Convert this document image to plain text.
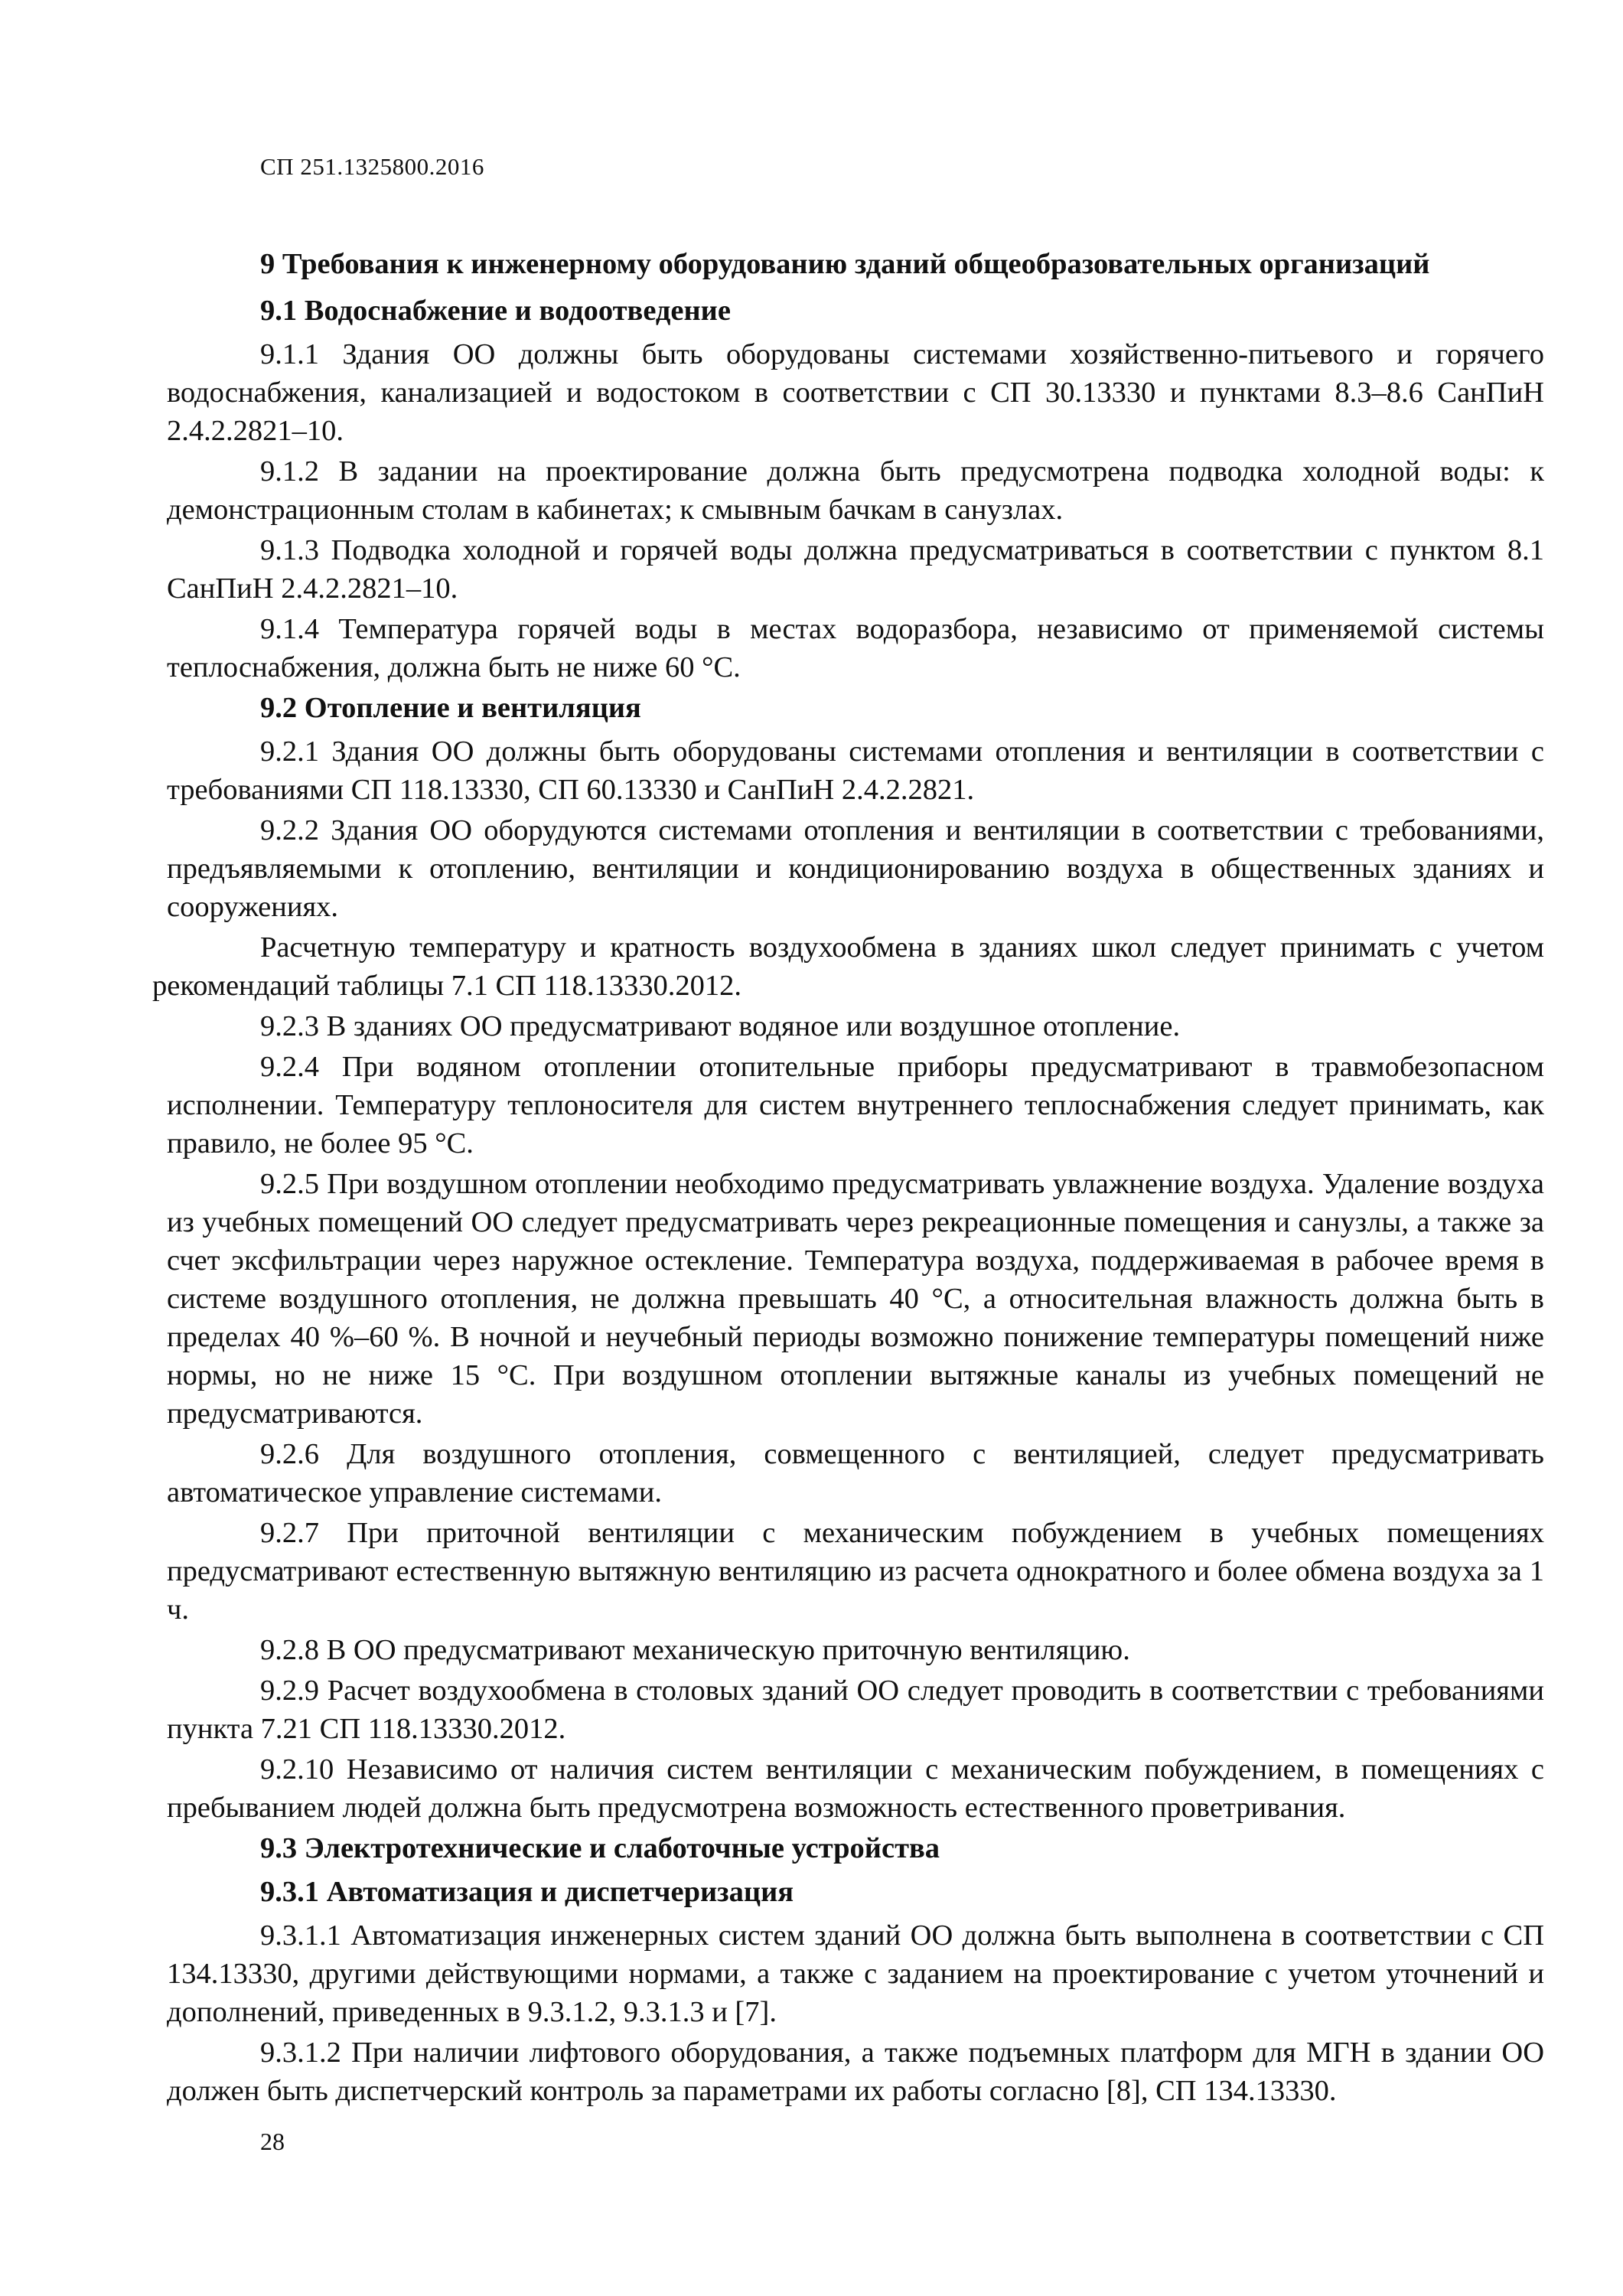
СП 251.1325800.2016
9 Требования к инженерному оборудованию зданий общеобразовательных организаций
9.1 Водоснабжение и водоотведение

9.1.1 Здания ОО должны быть оборудованы системами хозяйственно-питьевого и горячего водоснабжения, канализацией и водостоком в соответствии с СП 30.13330 и пунктами 8.3–8.6 СанПиН 2.4.2.2821–10.

9.1.2 В задании на проектирование должна быть предусмотрена подводка холодной воды: к демонстрационным столам в кабинетах; к смывным бачкам в санузлах.

9.1.3 Подводка холодной и горячей воды должна предусматриваться в соответствии с пунктом 8.1 СанПиН 2.4.2.2821–10.

9.1.4 Температура горячей воды в местах водоразбора, независимо от применяемой системы теплоснабжения, должна быть не ниже 60 °С.

9.2 Отопление и вентиляция

9.2.1 Здания ОО должны быть оборудованы системами отопления и вентиляции в соответствии с требованиями СП 118.13330, СП 60.13330 и СанПиН 2.4.2.2821.

9.2.2 Здания ОО оборудуются системами отопления и вентиляции в соответствии с требованиями, предъявляемыми к отоплению, вентиляции и кондиционированию воздуха в общественных зданиях и сооружениях.

Расчетную температуру и кратность воздухообмена в зданиях школ следует принимать с учетом рекомендаций таблицы 7.1 СП 118.13330.2012.

9.2.3 В зданиях ОО предусматривают водяное или воздушное отопление.

9.2.4 При водяном отоплении отопительные приборы предусматривают в травмобезопасном исполнении. Температуру теплоносителя для систем внутреннего теплоснабжения следует принимать, как правило, не более 95 °С.

9.2.5 При воздушном отоплении необходимо предусматривать увлажнение воздуха. Удаление воздуха из учебных помещений ОО следует предусматривать через рекреационные помещения и санузлы, а также за счет эксфильтрации через наружное остекление. Температура воздуха, поддерживаемая в рабочее время в системе воздушного отопления, не должна превышать 40 °С, а относительная влажность должна быть в пределах 40 %–60 %. В ночной и неучебный периоды возможно понижение температуры помещений ниже нормы, но не ниже 15 °С. При воздушном отоплении вытяжные каналы из учебных помещений не предусматриваются.

9.2.6 Для воздушного отопления, совмещенного с вентиляцией, следует предусматривать автоматическое управление системами.

9.2.7 При приточной вентиляции с механическим побуждением в учебных помещениях предусматривают естественную вытяжную вентиляцию из расчета однократного и более обмена воздуха за 1 ч.

9.2.8 В ОО предусматривают механическую приточную вентиляцию.

9.2.9 Расчет воздухообмена в столовых зданий ОО следует проводить в соответствии с требованиями пункта 7.21 СП 118.13330.2012.

9.2.10 Независимо от наличия систем вентиляции с механическим побуждением, в помещениях с пребыванием людей должна быть предусмотрена возможность естественного проветривания.

9.3 Электротехнические и слаботочные устройства
9.3.1 Автоматизация и диспетчеризация

9.3.1.1 Автоматизация инженерных систем зданий ОО должна быть выполнена в соответствии с СП 134.13330, другими действующими нормами, а также с заданием на проектирование с учетом уточнений и дополнений, приведенных в 9.3.1.2, 9.3.1.3 и [7].

9.3.1.2 При наличии лифтового оборудования, а также подъемных платформ для МГН в здании ОО должен быть диспетчерский контроль за параметрами их работы согласно [8], СП 134.13330.

28
